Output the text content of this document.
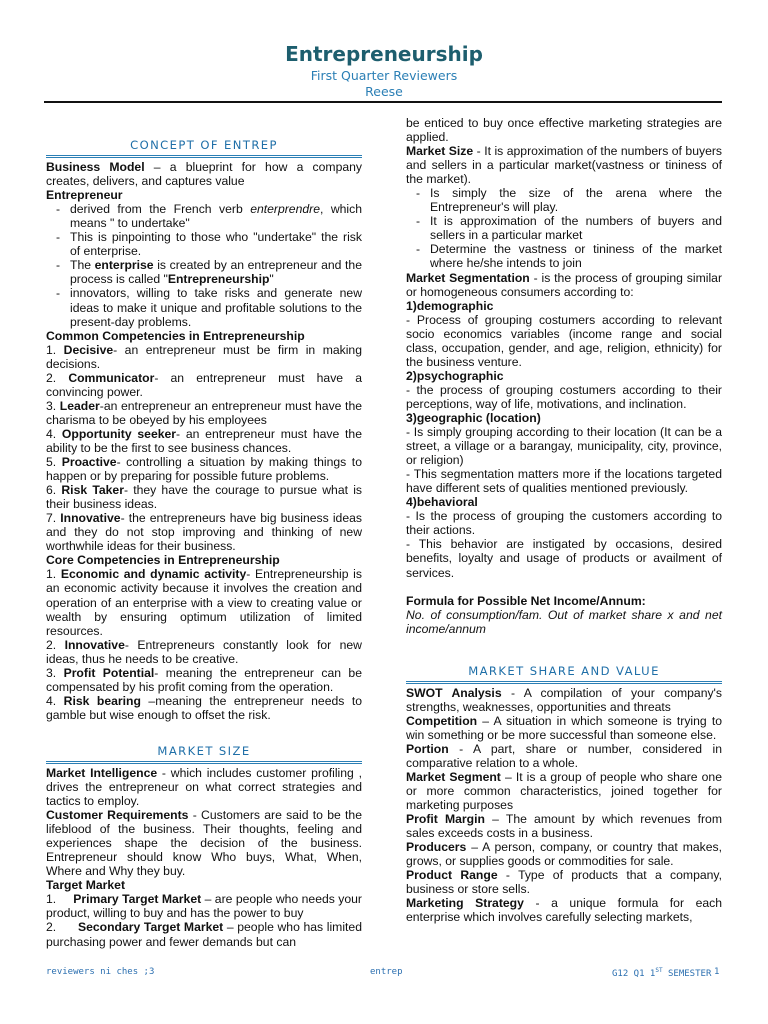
Entrepreneurship
First Quarter Reviewers
Reese
CONCEPT OF ENTREP

Business Model – a blueprint for how a company creates, delivers, and captures value

Entrepreneur

- derived from the French verb enterprendre, which means " to undertake"
- This is pinpointing to those who "undertake" the risk of enterprise.
- The enterprise is created by an entrepreneur and the process is called "Entrepreneurship"
- innovators, willing to take risks and generate new ideas to make it unique and profitable solutions to the present-day problems.

Common Competencies in Entrepreneurship

1. Decisive- an entrepreneur must be firm in making decisions.

2. Communicator- an entrepreneur must have a convincing power.

3. Leader-an entrepreneur an entrepreneur must have the charisma to be obeyed by his employees

4. Opportunity seeker- an entrepreneur must have the ability to be the first to see business chances.

5. Proactive- controlling a situation by making things to happen or by preparing for possible future problems.

6. Risk Taker- they have the courage to pursue what is their business ideas.

7. Innovative- the entrepreneurs have big business ideas and they do not stop improving and thinking of new worthwhile ideas for their business.

Core Competencies in Entrepreneurship

1. Economic and dynamic activity- Entrepreneurship is an economic activity because it involves the creation and operation of an enterprise with a view to creating value or wealth by ensuring optimum utilization of limited resources.

2. Innovative- Entrepreneurs constantly look for new ideas, thus he needs to be creative.

3. Profit Potential- meaning the entrepreneur can be compensated by his profit coming from the operation.

4. Risk bearing –meaning the entrepreneur needs to gamble but wise enough to offset the risk.

MARKET SIZE

Market Intelligence - which includes customer profiling , drives the entrepreneur on what correct strategies and tactics to employ.

Customer Requirements - Customers are said to be the lifeblood of the business. Their thoughts, feeling and experiences shape the decision of the business. Entrepreneur should know Who buys, What, When, Where and Why they buy.

Target Market

1.     Primary Target Market – are people who needs your product, willing to buy and has the power to buy

2.      Secondary Target Market – people who has limited purchasing power and fewer demands but can

be enticed to buy once effective marketing strategies are applied.

Market Size - It is approximation of the numbers of buyers and sellers in a particular market(vastness or tininess of the market).

- Is simply the size of the arena where the Entrepreneur's will play.
- It is approximation of the numbers of buyers and sellers in a particular market
- Determine the vastness or tininess of the market where he/she intends to join

Market Segmentation - is the process of grouping similar or homogeneous consumers according to:

1)demographic

- Process of grouping costumers according to relevant socio economics variables (income range and social class, occupation, gender, and age, religion, ethnicity) for the business venture.

2)psychographic

- the process of grouping costumers according to their perceptions, way of life, motivations, and inclination.

3)geographic (location)

- Is simply grouping according to their location (It can be a street, a village or a barangay, municipality, city, province, or religion)

- This segmentation matters more if the locations targeted have different sets of qualities mentioned previously.

4)behavioral

- Is the process of grouping the customers according to their actions.

- This behavior are instigated by occasions, desired benefits, loyalty and usage of products or availment of services.

Formula for Possible Net Income/Annum:

No. of consumption/fam. Out of market share x and net income/annum

MARKET SHARE AND VALUE

SWOT Analysis - A compilation of your company's strengths, weaknesses, opportunities and threats

Competition – A situation in which someone is trying to win something or be more successful than someone else.

Portion - A part, share or number, considered in comparative relation to a whole.

Market Segment – It is a group of people who share one or more common characteristics, joined together for marketing purposes

Profit Margin – The amount by which revenues from sales exceeds costs in a business.

Producers – A person, company, or country that makes, grows, or supplies goods or commodities for sale.

Product Range - Type of products that a company, business or store sells.

Marketing Strategy - a unique formula for each enterprise which involves carefully selecting markets,

reviewers ni ches ;3	entrep	G12 Q1 1ST SEMESTER 1
